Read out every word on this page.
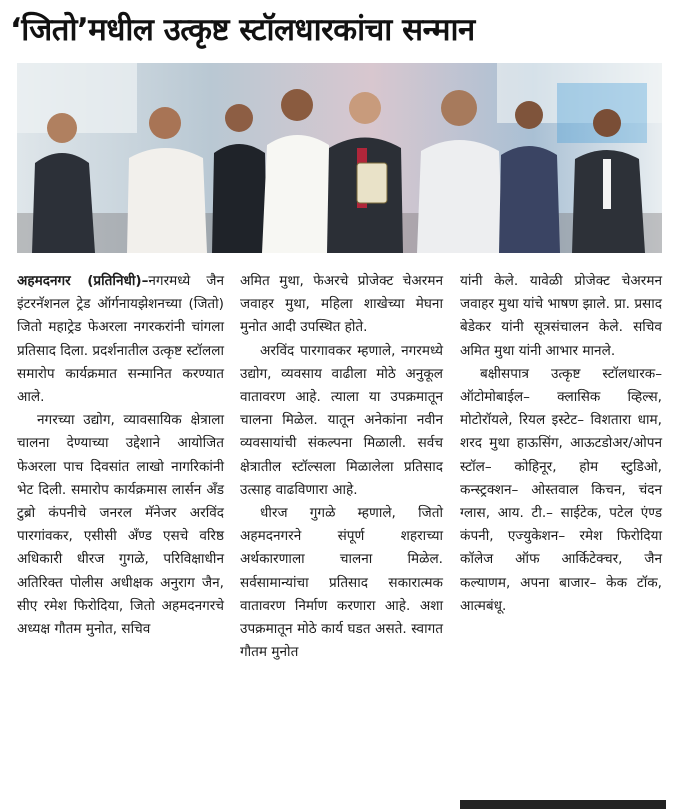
‘जितो’मधील उत्कृष्ट स्टॉलधारकांचा सन्मान

अहमदनगर (प्रतिनिधी)–नगरमध्ये जैन इंटरनॅशनल ट्रेड ऑर्गनायझेशनच्या (जितो) जितो महाट्रेड फेअरला नगरकरांनी चांगला प्रतिसाद दिला. प्रदर्शनातील उत्कृष्ट स्टॉलला समारोप कार्यक्रमात सन्मानित करण्यात आले.

नगरच्या उद्योग, व्यावसायिक क्षेत्राला चालना देण्याच्या उद्देशाने आयोजित फेअरला पाच दिवसांत लाखो नागरिकांनी भेट दिली. समारोप कार्यक्रमास लार्सन अँड टुब्रो कंपनीचे जनरल मॅनेजर अरविंद पारगांवकर, एसीसी अँण्ड एसचे वरिष्ठ अधिकारी धीरज गुगळे, परिविक्षाधीन अतिरिक्त पोलीस अधीक्षक अनुराग जैन, सीए रमेश फिरोदिया, जितो अहमदनगरचे अध्यक्ष गौतम मुनोत, सचिव

अमित मुथा, फेअरचे प्रोजेक्ट चेअरमन जवाहर मुथा, महिला शाखेच्या मेघना मुनोत आदी उपस्थित होते.

अरविंद पारगावकर म्हणाले, नगरमध्ये उद्योग, व्यवसाय वाढीला मोठे अनुकूल वातावरण आहे. त्याला या उपक्रमातून चालना मिळेल. यातून अनेकांना नवीन व्यवसायांची संकल्पना मिळाली. सर्वच क्षेत्रातील स्टॉल्सला मिळालेला प्रतिसाद उत्साह वाढविणारा आहे.

धीरज गुगळे म्हणाले, जितो अहमदनगरने संपूर्ण शहराच्या अर्थकारणाला चालना मिळेल. सर्वसामान्यांचा प्रतिसाद सकारात्मक वातावरण निर्माण करणारा आहे. अशा उपक्रमातून मोठे कार्य घडत असते. स्वागत गौतम मुनोत

यांनी केले. यावेळी प्रोजेक्ट चेअरमन जवाहर मुथा यांचे भाषण झाले. प्रा. प्रसाद बेडेकर यांनी सूत्रसंचालन केले. सचिव अमित मुथा यांनी आभार मानले.

बक्षीसपात्र उत्कृष्ट स्टॉलधारक– ऑटोमोबाईल– क्लासिक व्हिल्स, मोटोरॉयले, रियल इस्टेट– विशतारा धाम, शरद मुथा हाऊसिंग, आऊटडोअर/ओपन स्टॉल– कोहिनूर, होम स्टुडिओ, कन्स्ट्रक्शन– ओस्तवाल किचन, चंदन ग्लास, आय. टी.– साईटेक, पटेल एंण्ड कंपनी, एज्युकेशन– रमेश फिरोदिया कॉलेज ऑफ आर्किटेक्चर, जैन कल्याणम, अपना बाजार– केक टॉक, आत्मबंधू.
